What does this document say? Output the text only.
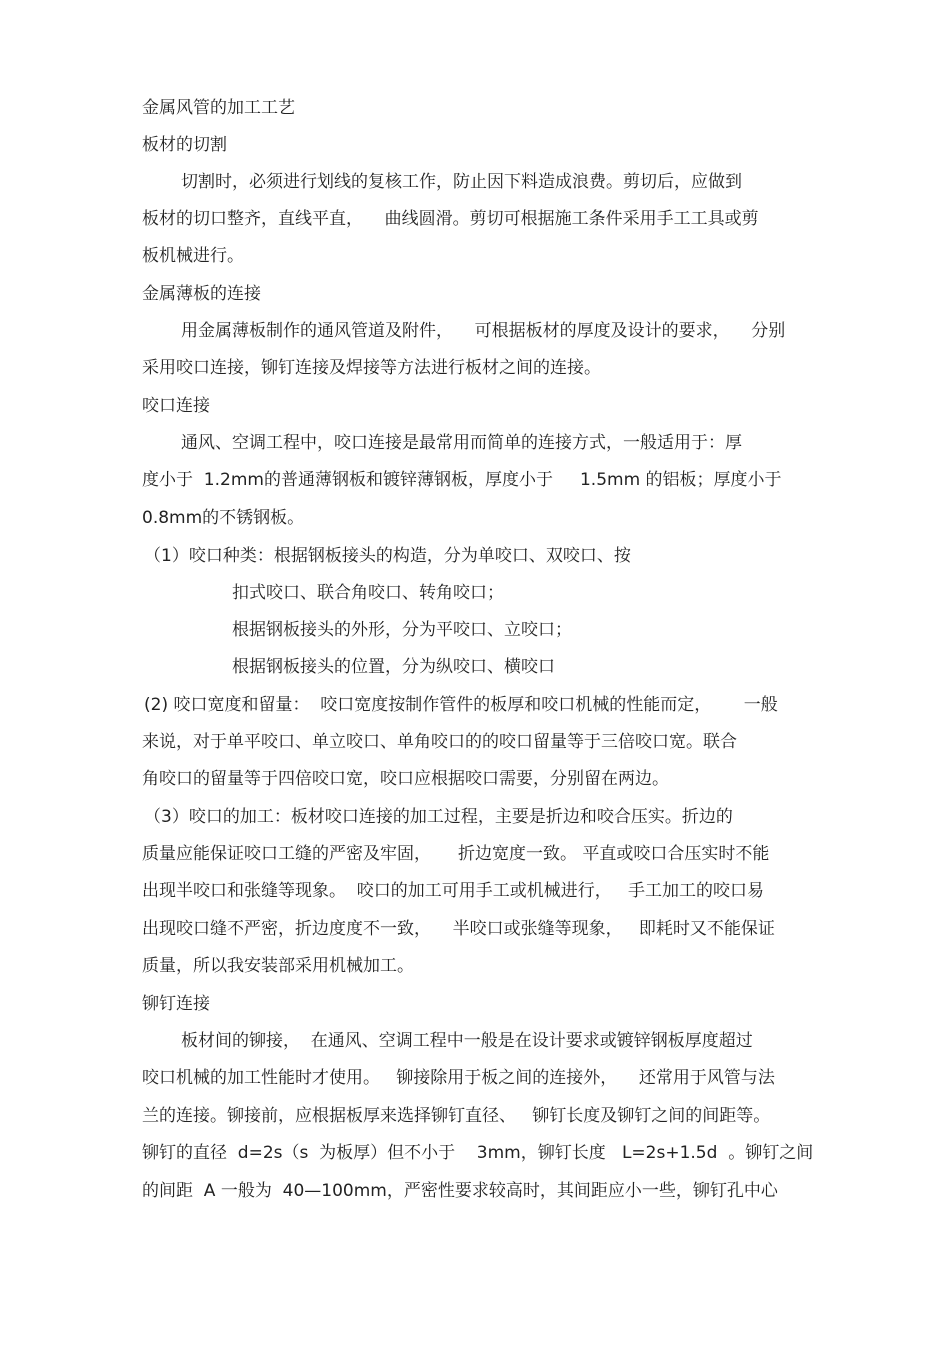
金属风管的加工工艺
板材的切割
切割时，必须进行划线的复核工作，防止因下料造成浪费。剪切后，应做到
板材的切口整齐，直线平直，    曲线圆滑。剪切可根据施工条件采用手工工具或剪
板机械进行。
金属薄板的连接
用金属薄板制作的通风管道及附件，    可根据板材的厚度及设计的要求，    分别
采用咬口连接，铆钉连接及焊接等方法进行板材之间的连接。
咬口连接
通风、空调工程中，咬口连接是最常用而简单的连接方式，一般适用于：厚
度小于  1.2mm的普通薄钢板和镀锌薄钢板，厚度小于     1.5mm 的铝板；厚度小于
0.8mm的不锈钢板。
（1）咬口种类：根据钢板接头的构造，分为单咬口、双咬口、按
扣式咬口、联合角咬口、转角咬口；
根据钢板接头的外形，分为平咬口、立咬口；
根据钢板接头的位置，分为纵咬口、横咬口
(2) 咬口宽度和留量：  咬口宽度按制作管件的板厚和咬口机械的性能而定，      一般
来说，对于单平咬口、单立咬口、单角咬口的的咬口留量等于三倍咬口宽。联合
角咬口的留量等于四倍咬口宽，咬口应根据咬口需要，分别留在两边。
（3）咬口的加工：板材咬口连接的加工过程，主要是折边和咬合压实。折边的
质量应能保证咬口工缝的严密及牢固，     折边宽度一致。 平直或咬口合压实时不能
出现半咬口和张缝等现象。  咬口的加工可用手工或机械进行，   手工加工的咬口易
出现咬口缝不严密，折边度度不一致，    半咬口或张缝等现象，   即耗时又不能保证
质量，所以我安装部采用机械加工。
铆钉连接
板材间的铆接，  在通风、空调工程中一般是在设计要求或镀锌钢板厚度超过
咬口机械的加工性能时才使用。   铆接除用于板之间的连接外，    还常用于风管与法
兰的连接。铆接前，应根据板厚来选择铆钉直径、   铆钉长度及铆钉之间的间距等。
铆钉的直径  d=2s（s  为板厚）但不小于    3mm，铆钉长度   L=2s+1.5d  。铆钉之间
的间距  A 一般为  40—100mm，严密性要求较高时，其间距应小一些，铆钉孔中心
